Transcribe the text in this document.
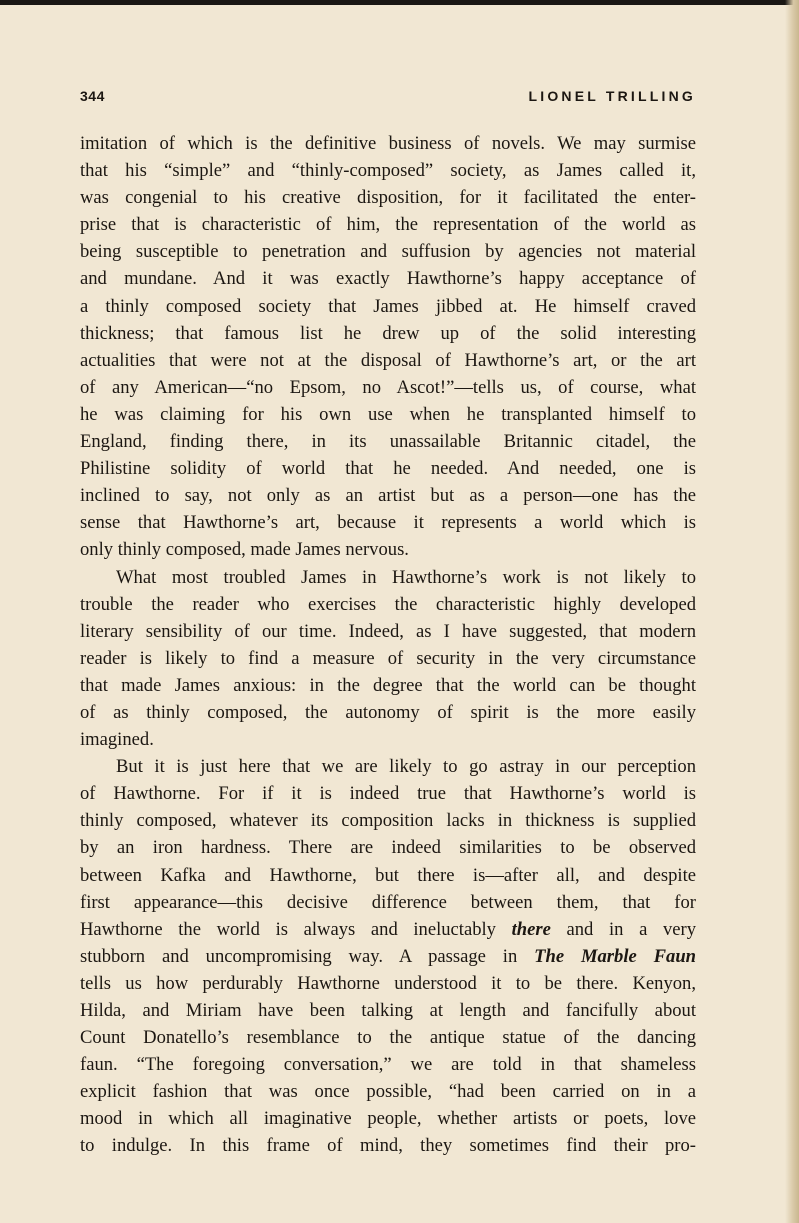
344	LIONEL TRILLING
imitation of which is the definitive business of novels. We may surmise
that his “simple” and “thinly-composed” society, as James called it,
was congenial to his creative disposition, for it facilitated the enter-
prise that is characteristic of him, the representation of the world as
being susceptible to penetration and suffusion by agencies not material
and mundane. And it was exactly Hawthorne’s happy acceptance of
a thinly composed society that James jibbed at. He himself craved
thickness; that famous list he drew up of the solid interesting
actualities that were not at the disposal of Hawthorne’s art, or the art
of any American—“no Epsom, no Ascot!”—tells us, of course, what
he was claiming for his own use when he transplanted himself to
England, finding there, in its unassailable Britannic citadel, the
Philistine solidity of world that he needed. And needed, one is
inclined to say, not only as an artist but as a person—one has the
sense that Hawthorne’s art, because it represents a world which is
only thinly composed, made James nervous.
What most troubled James in Hawthorne’s work is not likely to
trouble the reader who exercises the characteristic highly developed
literary sensibility of our time. Indeed, as I have suggested, that modern
reader is likely to find a measure of security in the very circumstance
that made James anxious: in the degree that the world can be thought
of as thinly composed, the autonomy of spirit is the more easily
imagined.
But it is just here that we are likely to go astray in our perception
of Hawthorne. For if it is indeed true that Hawthorne’s world is
thinly composed, whatever its composition lacks in thickness is supplied
by an iron hardness. There are indeed similarities to be observed
between Kafka and Hawthorne, but there is—after all, and despite
first appearance—this decisive difference between them, that for
Hawthorne the world is always and ineluctably there and in a very
stubborn and uncompromising way. A passage in The Marble Faun
tells us how perdurably Hawthorne understood it to be there. Kenyon,
Hilda, and Miriam have been talking at length and fancifully about
Count Donatello’s resemblance to the antique statue of the dancing
faun. “The foregoing conversation,” we are told in that shameless
explicit fashion that was once possible, “had been carried on in a
mood in which all imaginative people, whether artists or poets, love
to indulge. In this frame of mind, they sometimes find their pro-
